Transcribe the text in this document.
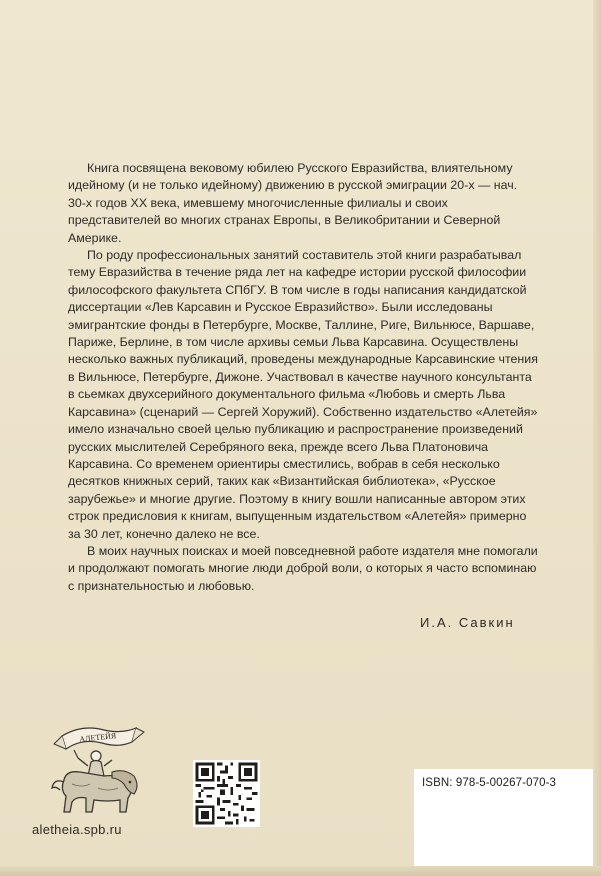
Книга посвящена вековому юбилею Русского Евразийства, влиятельному идейному (и не только идейному) движению в русской эмиграции 20-х — нач. 30-х годов XX века, имевшему многочисленные филиалы и своих представителей во многих странах Европы, в Великобритании и Северной Америке.

По роду профессиональных занятий составитель этой книги разрабатывал тему Евразийства в течение ряда лет на кафедре истории русской философии философского факультета СПбГУ. В том числе в годы написания кандидатской диссертации «Лев Карсавин и Русское Евразийство». Были исследованы эмигрантские фонды в Петербурге, Москве, Таллине, Риге, Вильнюсе, Варшаве, Париже, Берлине, в том числе архивы семьи Льва Карсавина. Осуществлены несколько важных публикаций, проведены международные Карсавинские чтения в Вильнюсе, Петербурге, Дижоне. Участвовал в качестве научного консультанта в сьемках двухсерийного документального фильма «Любовь и смерть Льва Карсавина» (сценарий — Сергей Хоружий). Собственно издательство «Алетейя» имело изначально своей целью публикацию и распространение произведений русских мыслителей Серебряного века, прежде всего Льва Платоновича Карсавина. Со временем ориентиры сместились, вобрав в себя несколько десятков книжных серий, таких как «Византийская библиотека», «Русское зарубежье» и многие другие. Поэтому в книгу вошли написанные автором этих строк предисловия к книгам, выпущенным издательством «Алетейя» примерно за 30 лет, конечно далеко не все.

В моих научных поисках и моей повседневной работе издателя мне помогали и продолжают помогать многие люди доброй воли, о которых я часто вспоминаю с признательностью и любовью.

И.А. Савкин
АЛЕТЕЙЯ
aletheia.spb.ru
ISBN: 978-5-00267-070-3
